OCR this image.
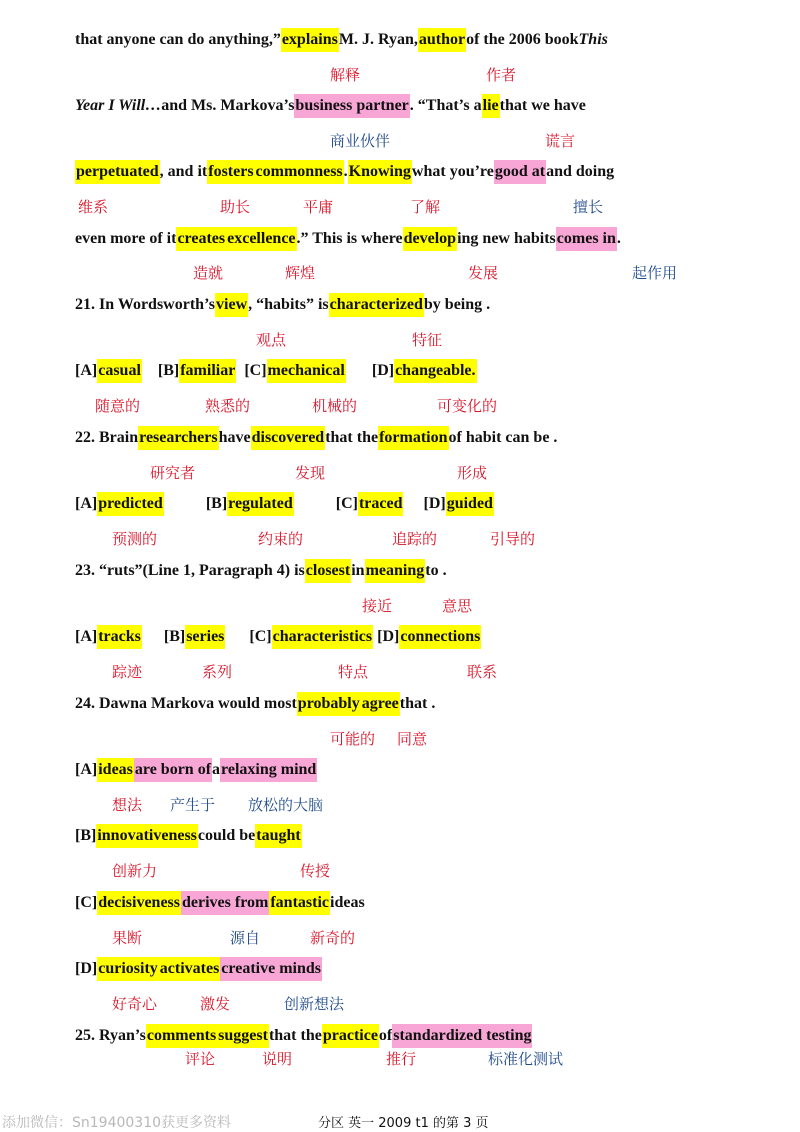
that anyone can do anything,”explainsM. J. Ryan,authorof the 2006 bookThis
解释	作者
Year I Will…and Ms. Markova’sbusiness partner. “That’s aliethat we have
商业伙伴	谎言
perpetuated, and itfosters commonness.Knowingwhat you’regood atand doing
维系	助长	平庸	了解	擅长
even more of itcreates excellence.” This is wheredeveloping new habitscomes in.
造就	辉煌	发展	起作用
21. In Wordsworth’sview, “habits” ischaracterizedby being .
观点	特征
[A]casual [B]familiar [C]mechanical [D]changeable.
随意的	熟悉的	机械的	可变化的
22. Brainresearchershavediscoveredthat theformationof habit can be .
研究者	发现	形成
[A]predicted	[B]regulated	[C]traced [D]guided
预测的	约束的	追踪的	引导的
23. “ruts”(Line 1, Paragraph 4) isclosestinmeaningto .
接近	意思
[A]tracks [B]series [C]characteristics [D]connections
踪迹	系列	特点	联系
24. Dawna Markova would mostprobably agreethat .
可能的 同意
[A]ideas are born ofarelaxing mind
想法 产生于 放松的大脑
[B]innovativenesscould betaught
创新力	传授
[C]decisiveness derives from fantasticideas
果断	源自	新奇的
[D]curiosity activates creative minds
好奇心	激发	创新想法
25. Ryan’scomments suggestthat thepracticeofstandardized testing
评论	说明	推行	标准化测试
添加微信：Sn19400310获更多资料	分区 英一 2009 t1 的第 3 页
